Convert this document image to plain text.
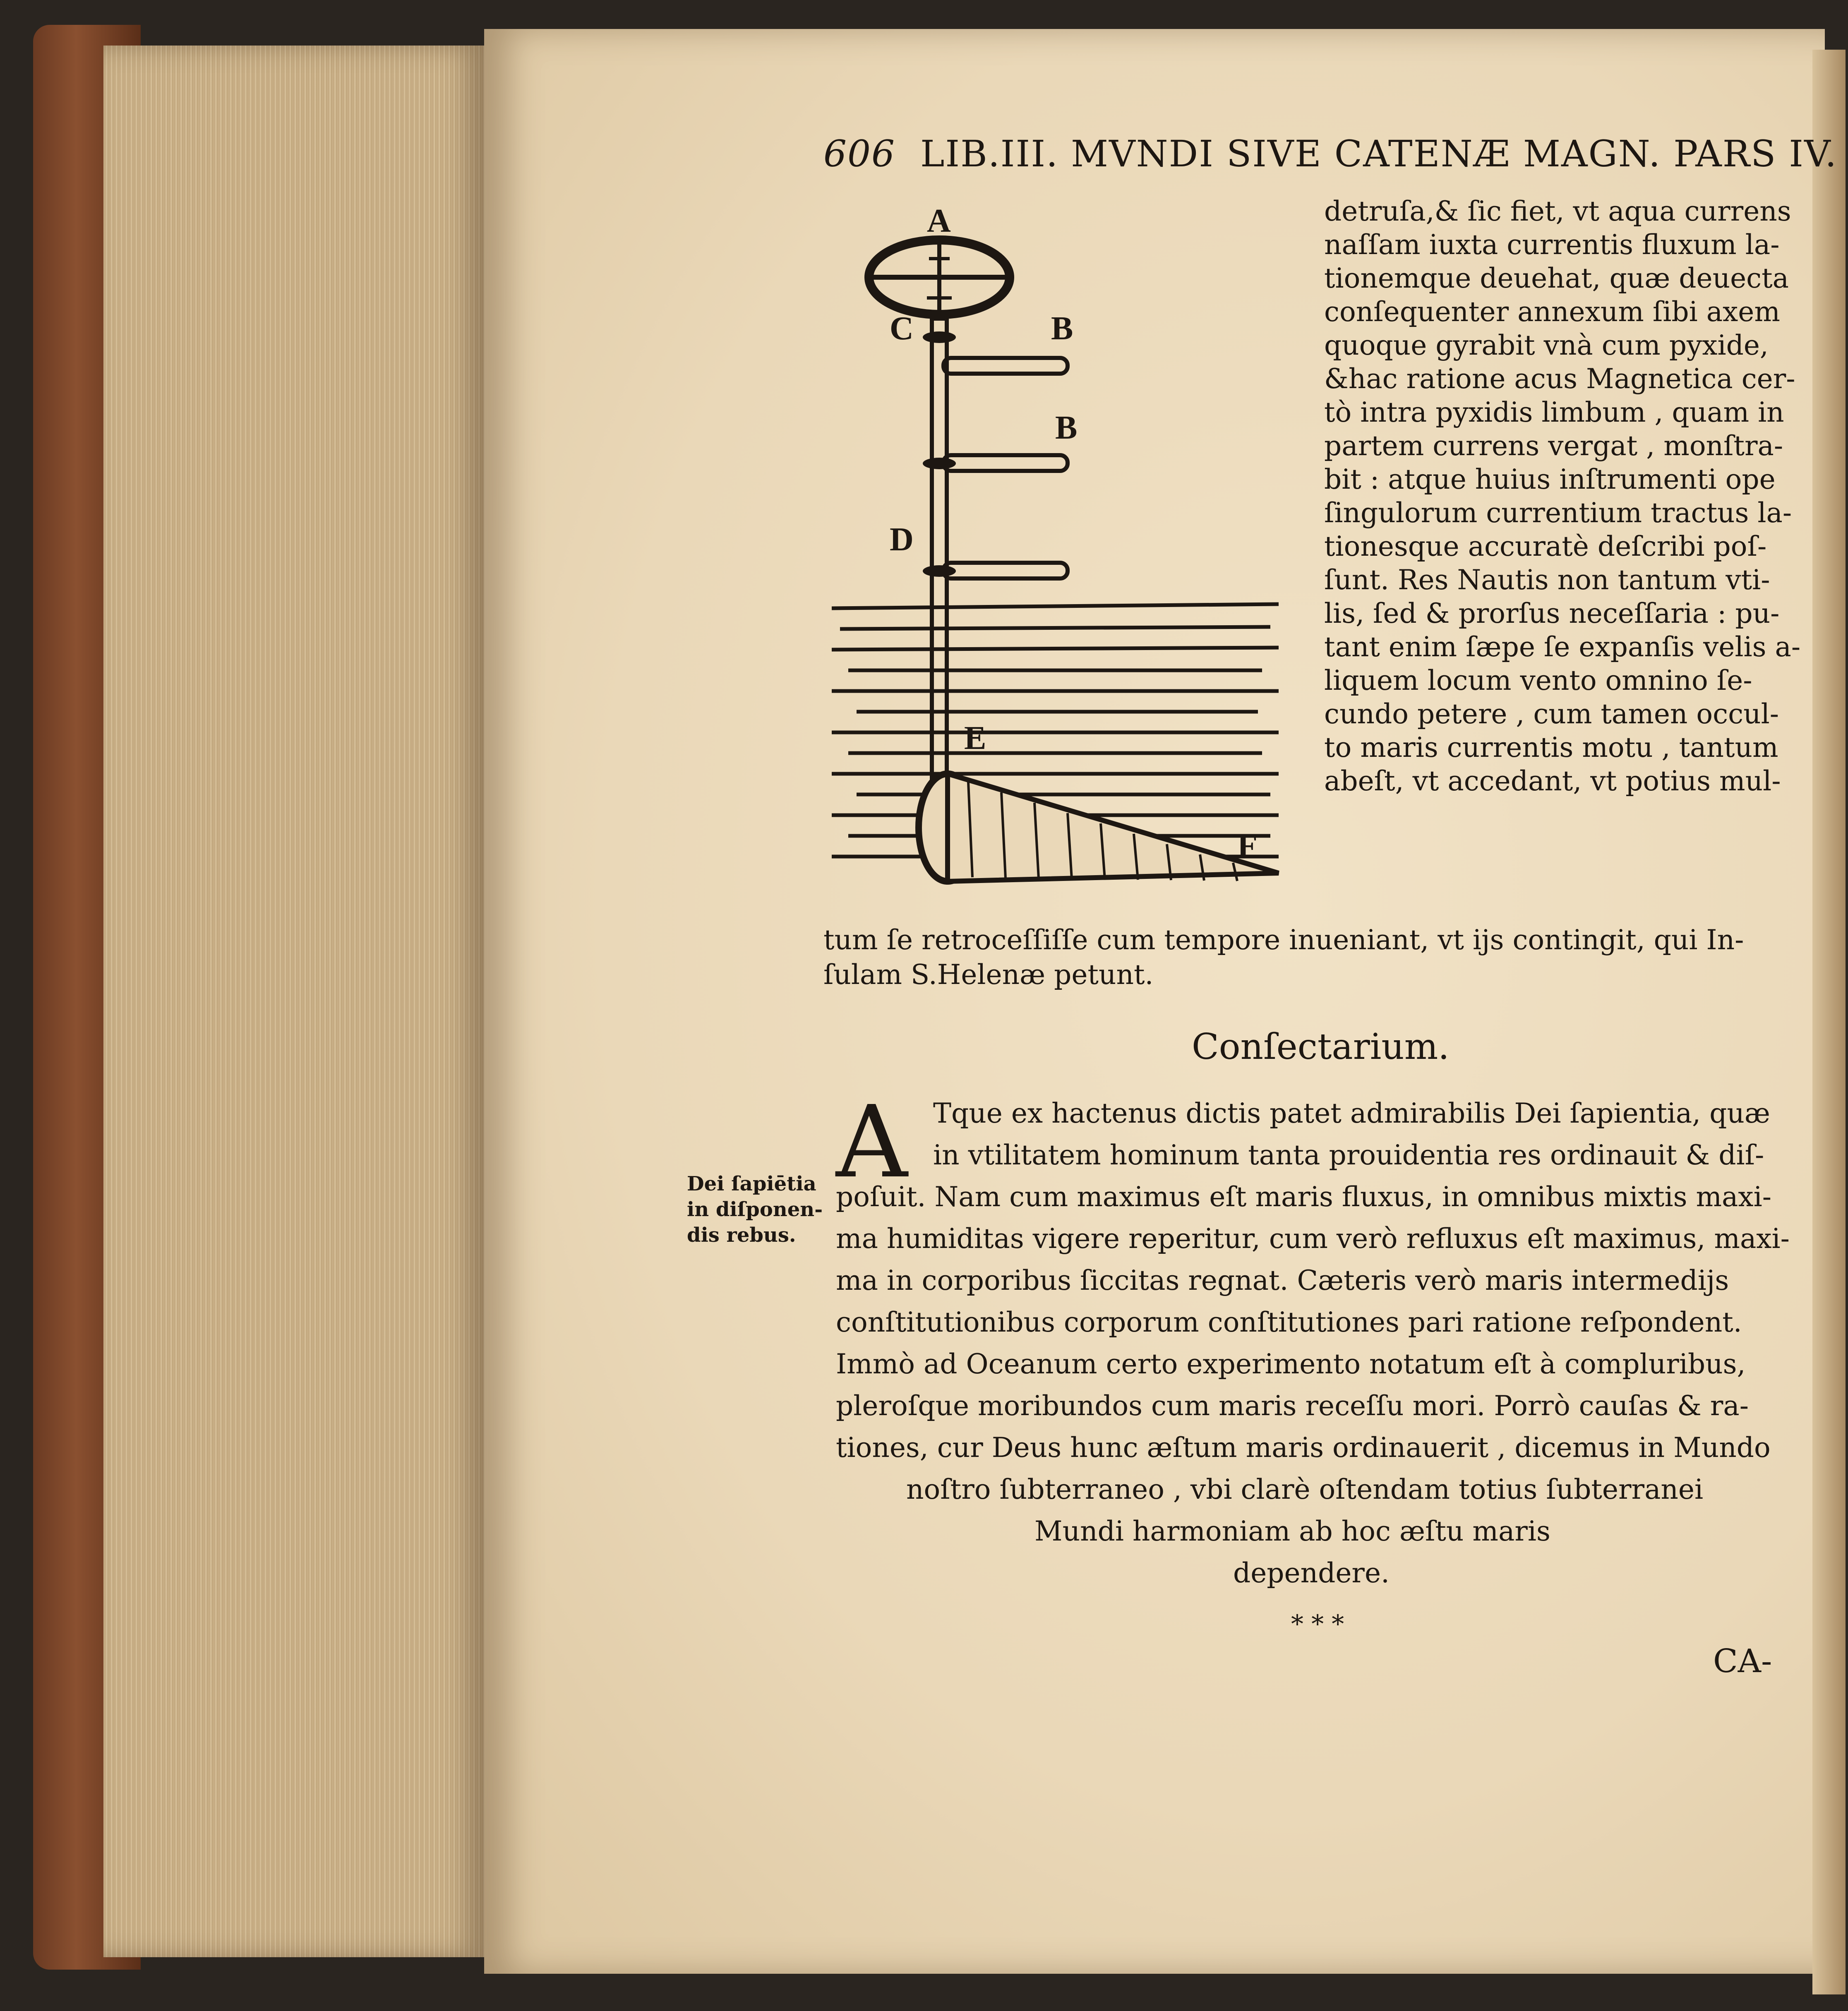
606 LIB.III. MVNDI SIVE CATENÆ MAGN. PARS IV.
A
B
B
C
D
E
F
detruſa,& ſic fiet, vt aqua currens
naſſam iuxta currentis fluxum la-
tionemque deuehat, quæ deuecta
conſequenter annexum ſibi axem
quoque gyrabit vnà cum pyxide,
&hac ratione acus Magnetica cer-
tò intra pyxidis limbum , quam in
partem currens vergat , monſtra-
bit : atque huius inſtrumenti ope
ſingulorum currentium tractus la-
tionesque accuratè deſcribi poſ-
ſunt. Res Nautis non tantum vti-
lis, ſed & prorſus neceſſaria : pu-
tant enim ſæpe ſe expanſis velis a-
liquem locum vento omnino ſe-
cundo petere , cum tamen occul-
to maris currentis motu , tantum
abeſt, vt accedant, vt potius mul-
tum ſe retroceſſiſſe cum tempore inueniant, vt ijs contingit, qui In-
ſulam S.Helenæ petunt.
Conſectarium.
A Tque ex hactenus dictis patet admirabilis Dei ſapientia, quæ
in vtilitatem hominum tanta prouidentia res ordinauit & diſ-
poſuit. Nam cum maximus eſt maris fluxus, in omnibus mixtis maxi-
ma humiditas vigere reperitur, cum verò refluxus eſt maximus, maxi-
ma in corporibus ſiccitas regnat. Cæteris verò maris intermedijs
conſtitutionibus corporum conſtitutiones pari ratione reſpondent.
Immò ad Oceanum certo experimento notatum eſt à compluribus,
pleroſque moribundos cum maris receſſu mori. Porrò cauſas & ra-
tiones, cur Deus hunc æſtum maris ordinauerit , dicemus in Mundo
noſtro ſubterraneo , vbi clarè oſtendam totius ſubterranei
Mundi harmoniam ab hoc æſtu maris
dependere.
Dei ſapiētia
in diſponen-
dis rebus.
* * *
CA-
